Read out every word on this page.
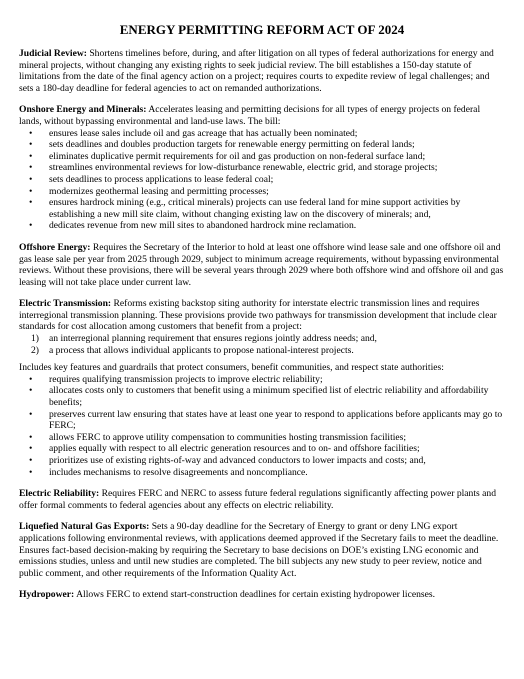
ENERGY PERMITTING REFORM ACT OF 2024

Judicial Review: Shortens timelines before, during, and after litigation on all types of federal authorizations for energy and mineral projects, without changing any existing rights to seek judicial review. The bill establishes a 150-day statute of limitations from the date of the final agency action on a project; requires courts to expedite review of legal challenges; and sets a 180-day deadline for federal agencies to act on remanded authorizations.

Onshore Energy and Minerals: Accelerates leasing and permitting decisions for all types of energy projects on federal lands, without bypassing environmental and land-use laws. The bill:

• ensures lease sales include oil and gas acreage that has actually been nominated;
• sets deadlines and doubles production targets for renewable energy permitting on federal lands;
• eliminates duplicative permit requirements for oil and gas production on non-federal surface land;
• streamlines environmental reviews for low-disturbance renewable, electric grid, and storage projects;
• sets deadlines to process applications to lease federal coal;
• modernizes geothermal leasing and permitting processes;
• ensures hardrock mining (e.g., critical minerals) projects can use federal land for mine support activities by establishing a new mill site claim, without changing existing law on the discovery of minerals; and,
• dedicates revenue from new mill sites to abandoned hardrock mine reclamation.

Offshore Energy: Requires the Secretary of the Interior to hold at least one offshore wind lease sale and one offshore oil and gas lease sale per year from 2025 through 2029, subject to minimum acreage requirements, without bypassing environmental reviews. Without these provisions, there will be several years through 2029 where both offshore wind and offshore oil and gas leasing will not take place under current law.

Electric Transmission: Reforms existing backstop siting authority for interstate electric transmission lines and requires interregional transmission planning. These provisions provide two pathways for transmission development that include clear standards for cost allocation among customers that benefit from a project:

1) an interregional planning requirement that ensures regions jointly address needs; and,
2) a process that allows individual applicants to propose national-interest projects.

Includes key features and guardrails that protect consumers, benefit communities, and respect state authorities:

• requires qualifying transmission projects to improve electric reliability;
• allocates costs only to customers that benefit using a minimum specified list of electric reliability and affordability benefits;
• preserves current law ensuring that states have at least one year to respond to applications before applicants may go to FERC;
• allows FERC to approve utility compensation to communities hosting transmission facilities;
• applies equally with respect to all electric generation resources and to on- and offshore facilities;
• prioritizes use of existing rights-of-way and advanced conductors to lower impacts and costs; and,
• includes mechanisms to resolve disagreements and noncompliance.

Electric Reliability: Requires FERC and NERC to assess future federal regulations significantly affecting power plants and offer formal comments to federal agencies about any effects on electric reliability.

Liquefied Natural Gas Exports: Sets a 90-day deadline for the Secretary of Energy to grant or deny LNG export applications following environmental reviews, with applications deemed approved if the Secretary fails to meet the deadline. Ensures fact-based decision-making by requiring the Secretary to base decisions on DOE’s existing LNG economic and emissions studies, unless and until new studies are completed. The bill subjects any new study to peer review, notice and public comment, and other requirements of the Information Quality Act.

Hydropower: Allows FERC to extend start-construction deadlines for certain existing hydropower licenses.
